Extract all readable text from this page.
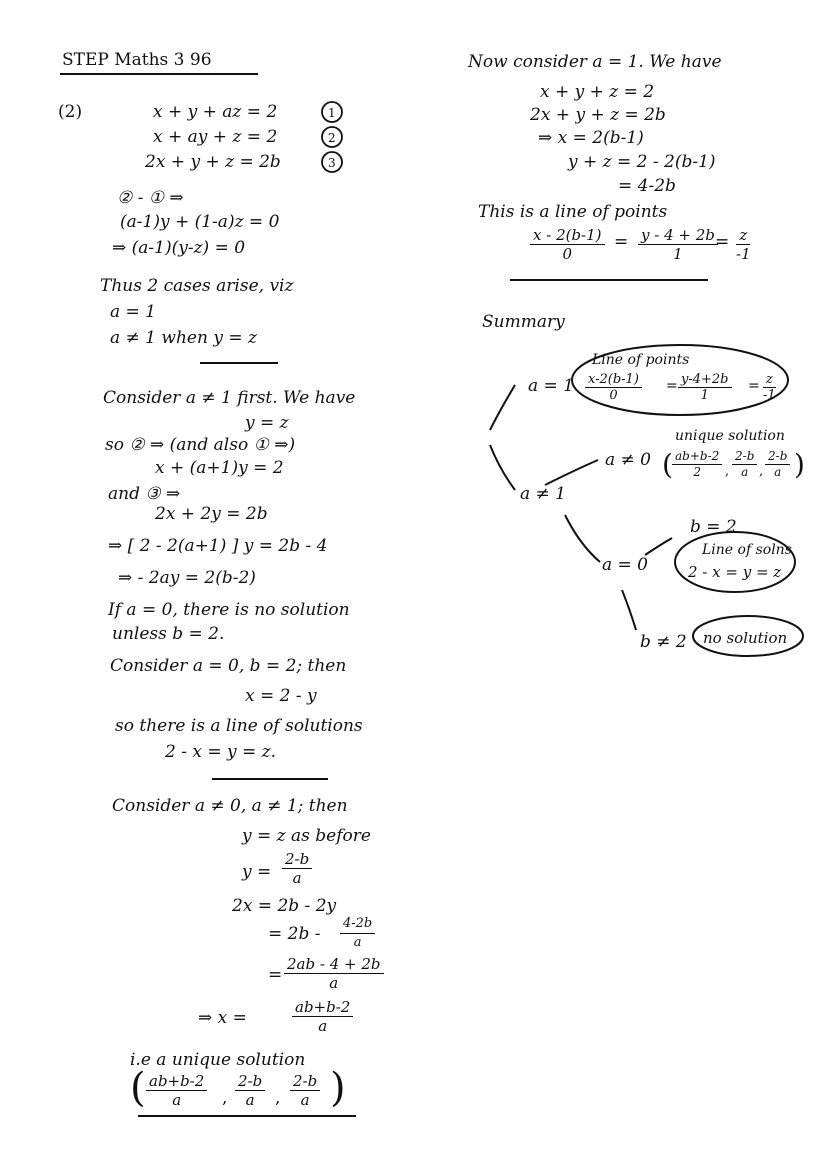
STEP Maths 3 96
(2)	x + y + az = 2
x + ay + z = 2
2x + y + z = 2b
1
2
3
② - ① ⇒
(a-1)y + (1-a)z = 0
⇒ (a-1)(y-z) = 0
Thus 2 cases arise, viz
a = 1
a ≠ 1 when y = z
Consider a ≠ 1 first. We have
y = z
so ② ⇒ (and also ① ⇒)
x + (a+1)y = 2
and ③ ⇒
2x + 2y = 2b
⇒ [ 2 - 2(a+1) ] y = 2b - 4
⇒ - 2ay = 2(b-2)
If a = 0, there is no solution
unless b = 2.
Consider a = 0, b = 2; then
x = 2 - y
so there is a line of solutions
2 - x = y = z.
Consider a ≠ 0, a ≠ 1; then
y = z as before
$y = \frac{2-b}{a}$
2x = 2b - 2y
= $2b - \frac{4-2b}{a}$
= $\frac{2ab - 4 + 2b}{a}$
⇒ x =	$\frac{ab+b-2}{a}$
i.e a unique solution
( $\frac{ab+b-2}{a}$ , $\frac{2-b}{a}$ , $\frac{2-b}{a}$ )
Now consider a = 1. We have
x + y + z = 2
2x + y + z = 2b
⇒ x = 2(b-1)
y + z = 2 - 2(b-1)
= 4-2b
This is a line of points
$\frac{x - 2(b-1)}{0} = \frac{y - 4 + 2b}{1}$
= $\frac{z}{-1}$
Summary
a = 1
Line of points
$\frac{x-2(b-1)}{0} = \frac{y-4+2b}{1} = \frac{z}{-1}$
a ≠ 1
a ≠ 0
unique solution
( $\frac{ab+b-2}{2}$ , $\frac{2-b}{a}$ , $\frac{2-b}{a}$ )
a = 0
b = 2
Line of solns
2 - x = y = z
b ≠ 2 no solution
